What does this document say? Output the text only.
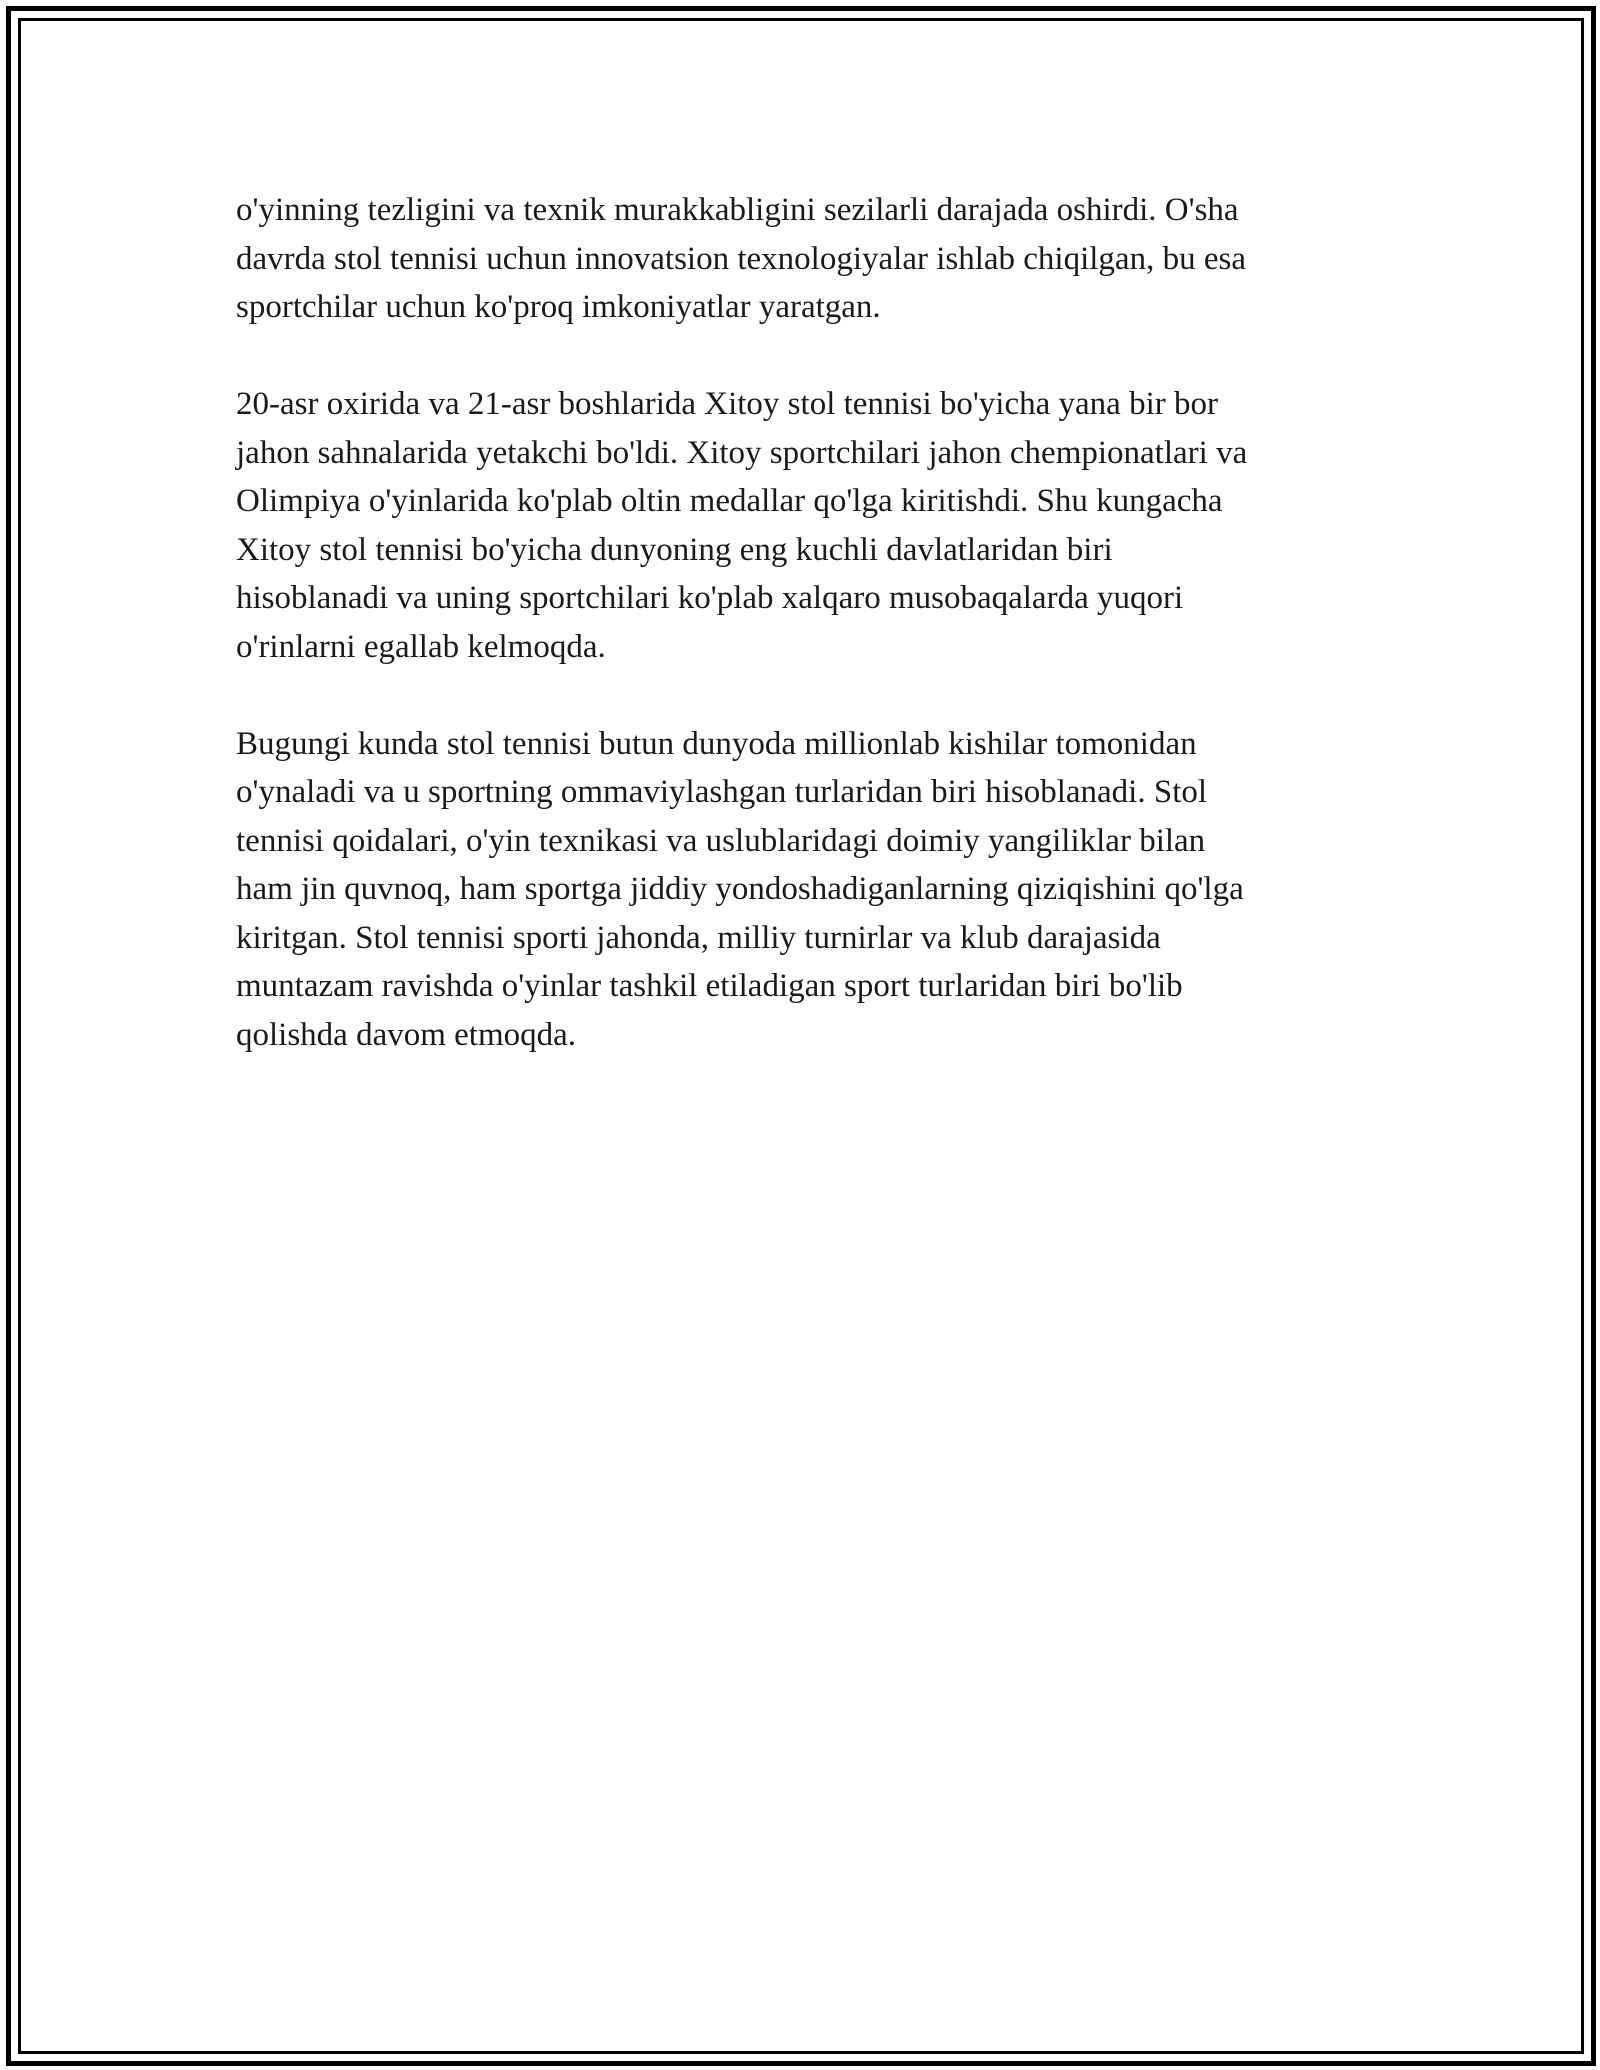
o'yinning tezligini va texnik murakkabligini sezilarli darajada oshirdi. O'sha
davrda stol tennisi uchun innovatsion texnologiyalar ishlab chiqilgan, bu esa
sportchilar uchun ko'proq imkoniyatlar yaratgan.

20-asr oxirida va 21-asr boshlarida Xitoy stol tennisi bo'yicha yana bir bor
jahon sahnalarida yetakchi bo'ldi. Xitoy sportchilari jahon chempionatlari va
Olimpiya o'yinlarida ko'plab oltin medallar qo'lga kiritishdi. Shu kungacha
Xitoy stol tennisi bo'yicha dunyoning eng kuchli davlatlaridan biri
hisoblanadi va uning sportchilari ko'plab xalqaro musobaqalarda yuqori
o'rinlarni egallab kelmoqda.

Bugungi kunda stol tennisi butun dunyoda millionlab kishilar tomonidan
o'ynaladi va u sportning ommaviylashgan turlaridan biri hisoblanadi. Stol
tennisi qoidalari, o'yin texnikasi va uslublaridagi doimiy yangiliklar bilan
ham jin quvnoq, ham sportga jiddiy yondoshadiganlarning qiziqishini qo'lga
kiritgan. Stol tennisi sporti jahonda, milliy turnirlar va klub darajasida
muntazam ravishda o'yinlar tashkil etiladigan sport turlaridan biri bo'lib
qolishda davom etmoqda.
